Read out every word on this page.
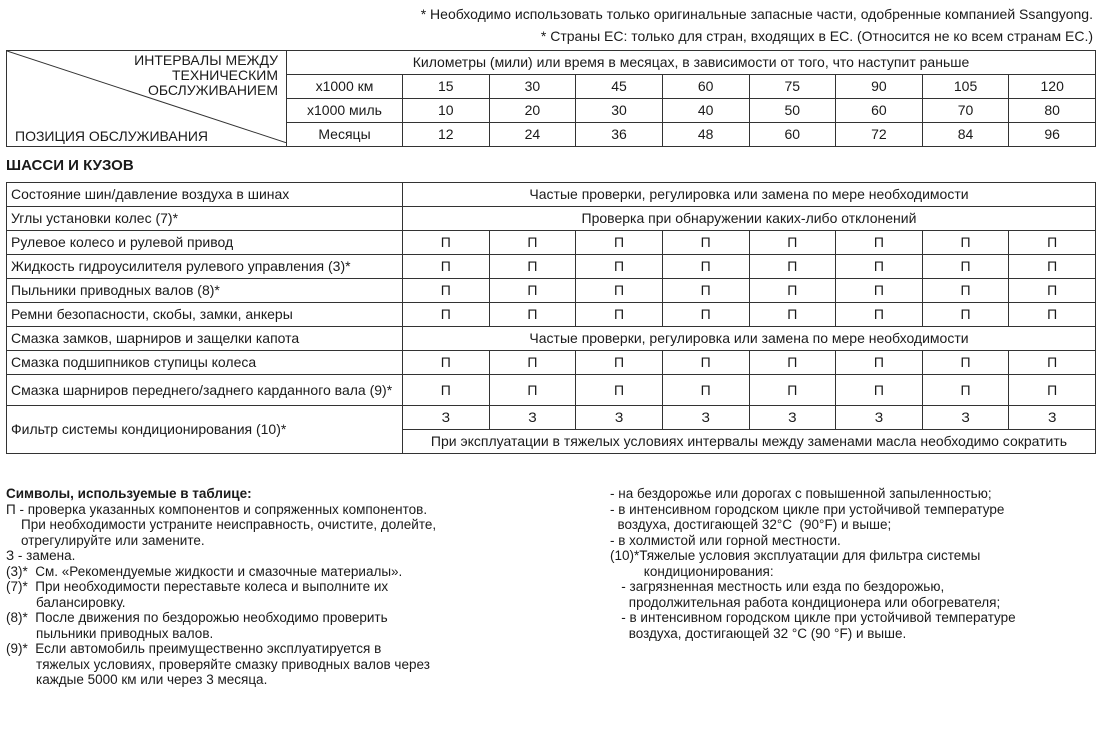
* Необходимо использовать только оригинальные запасные части, одобренные компанией Ssangyong.
* Страны ЕС: только для стран, входящих в ЕС. (Относится не ко всем странам ЕС.)
ИНТЕРВАЛЫ МЕЖДУ
ТЕХНИЧЕСКИМ
ОБСЛУЖИВАНИЕМ
ПОЗИЦИЯ ОБСЛУЖИВАНИЯ	Километры (мили) или время в месяцах, в зависимости от того, что наступит раньше								
	х1000 км	15	30	45	60	75	90	105	120
	х1000 миль	10	20	30	40	50	60	70	80
	Месяцы	12	24	36	48	60	72	84	96
ШАССИ И КУЗОВ
Состояние шин/давление воздуха в шинах	Частые проверки, регулировка или замена по мере необходимости							
Углы установки колес (7)*	Проверка при обнаружении каких-либо отклонений							
Рулевое колесо и рулевой привод	П	П	П	П	П	П	П	П
Жидкость гидроусилителя рулевого управления (3)*	П	П	П	П	П	П	П	П
Пыльники приводных валов (8)*	П	П	П	П	П	П	П	П
Ремни безопасности, скобы, замки, анкеры	П	П	П	П	П	П	П	П
Смазка замков, шарниров и защелки капота	Частые проверки, регулировка или замена по мере необходимости							
Смазка подшипников ступицы колеса	П	П	П	П	П	П	П	П
Смазка шарниров переднего/заднего карданного вала (9)*	П	П	П	П	П	П	П	П
Фильтр системы кондиционирования (10)*	З	З	З	З	З	З	З	З
	При эксплуатации в тяжелых условиях интервалы между заменами масла необходимо сократить							
Символы, используемые в таблице:
П - проверка указанных компонентов и сопряженных компонентов.
При необходимости устраните неисправность, очистите, долейте,
отрегулируйте или замените.
З - замена.
(3)*  См. «Рекомендуемые жидкости и смазочные материалы».
(7)*  При необходимости переставьте колеса и выполните их
балансировку.
(8)*  После движения по бездорожью необходимо проверить
пыльники приводных валов.
(9)*  Если автомобиль преимущественно эксплуатируется в
тяжелых условиях, проверяйте смазку приводных валов через
каждые 5000 км или через 3 месяца.
- на бездорожье или дорогах с повышенной запыленностью;
- в интенсивном городском цикле при устойчивой температуре
воздуха, достигающей 32°C  (90°F) и выше;
- в холмистой или горной местности.
(10)*Тяжелые условия эксплуатации для фильтра системы
кондиционирования:
- загрязненная местность или езда по бездорожью,
продолжительная работа кондиционера или обогревателя;
- в интенсивном городском цикле при устойчивой температуре
воздуха, достигающей 32 °C (90 °F) и выше.
